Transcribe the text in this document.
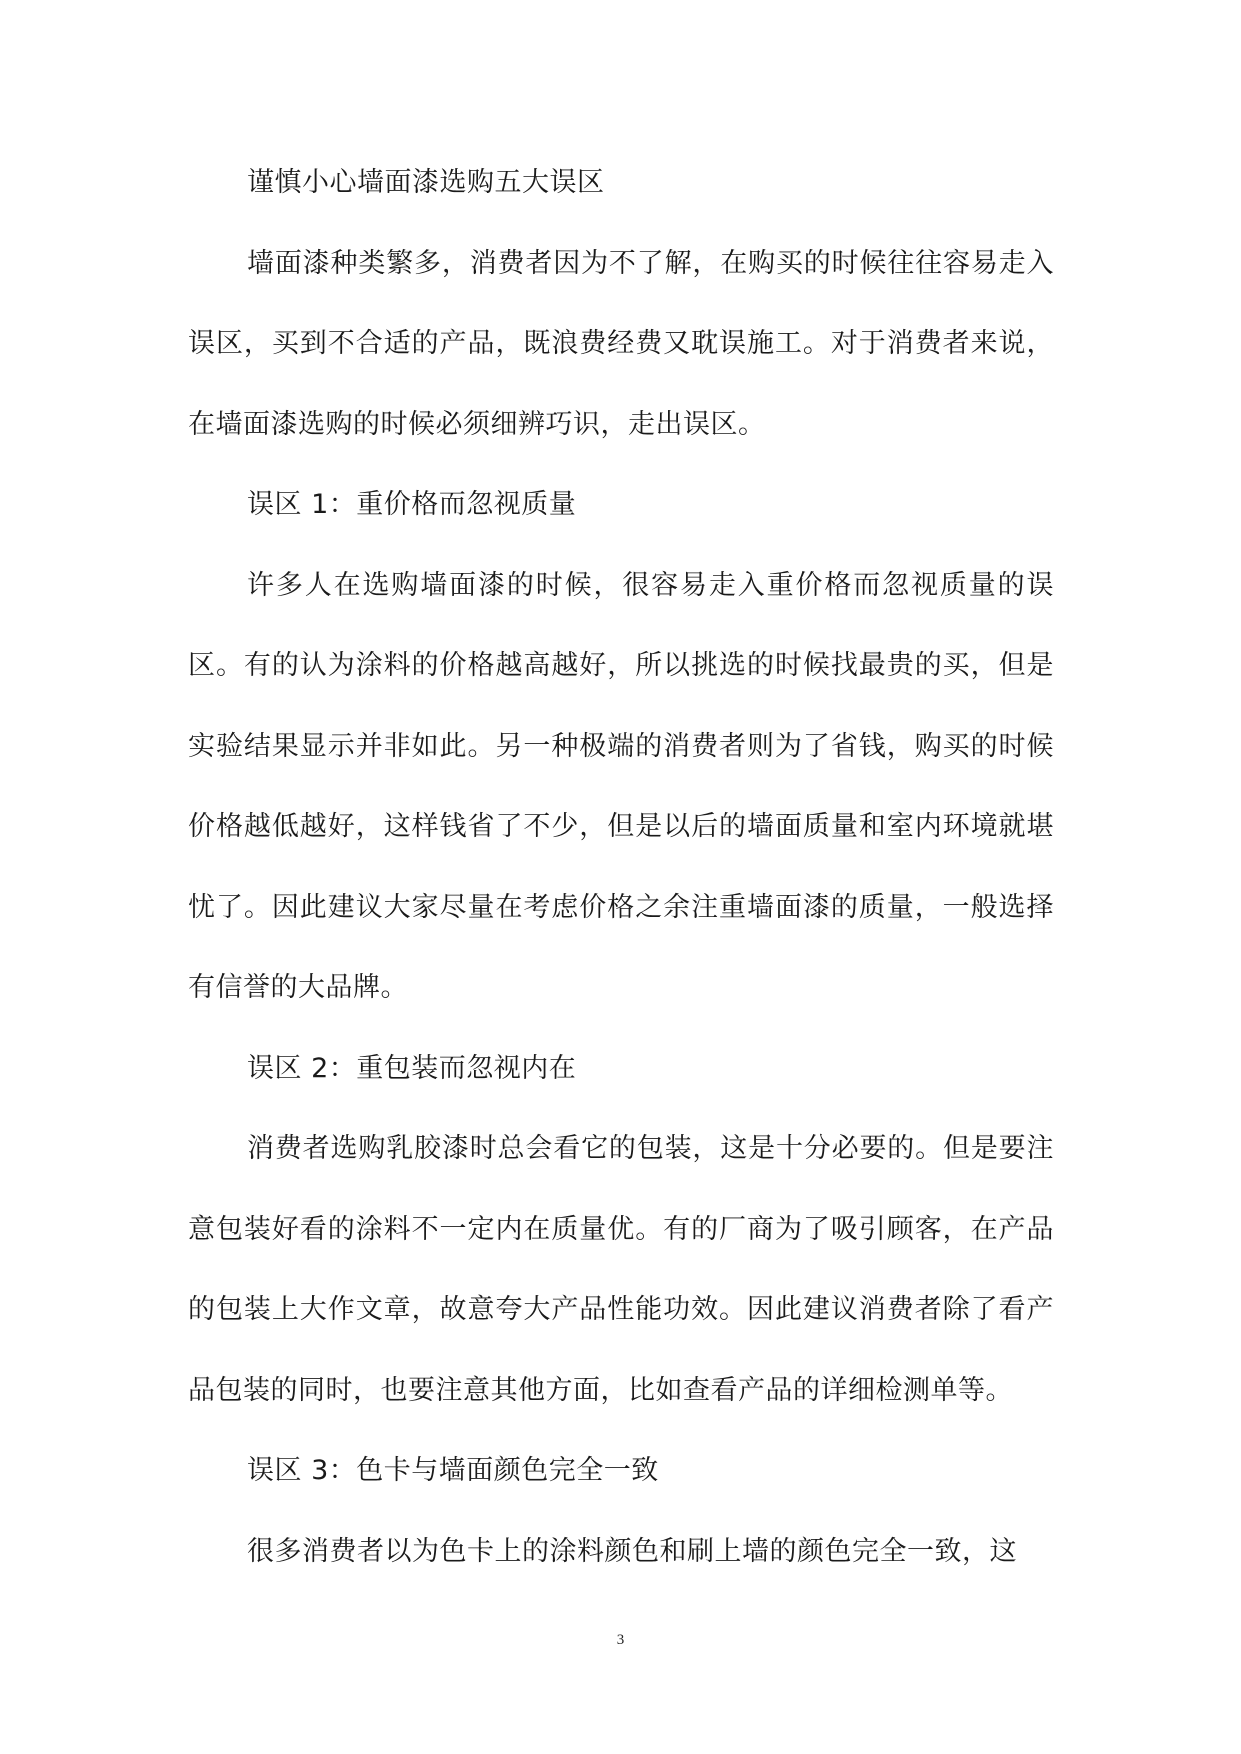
谨慎小心墙面漆选购五大误区

墙面漆种类繁多，消费者因为不了解，在购买的时候往往容易走入误区，买到不合适的产品，既浪费经费又耽误施工。对于消费者来说，在墙面漆选购的时候必须细辨巧识，走出误区。

误区 1：重价格而忽视质量

许多人在选购墙面漆的时候，很容易走入重价格而忽视质量的误区。有的认为涂料的价格越高越好，所以挑选的时候找最贵的买，但是实验结果显示并非如此。另一种极端的消费者则为了省钱，购买的时候价格越低越好，这样钱省了不少，但是以后的墙面质量和室内环境就堪忧了。因此建议大家尽量在考虑价格之余注重墙面漆的质量，一般选择有信誉的大品牌。

误区 2：重包装而忽视内在

消费者选购乳胶漆时总会看它的包装，这是十分必要的。但是要注意包装好看的涂料不一定内在质量优。有的厂商为了吸引顾客，在产品的包装上大作文章，故意夸大产品性能功效。因此建议消费者除了看产品包装的同时，也要注意其他方面，比如查看产品的详细检测单等。

误区 3：色卡与墙面颜色完全一致

很多消费者以为色卡上的涂料颜色和刷上墙的颜色完全一致，这

3
